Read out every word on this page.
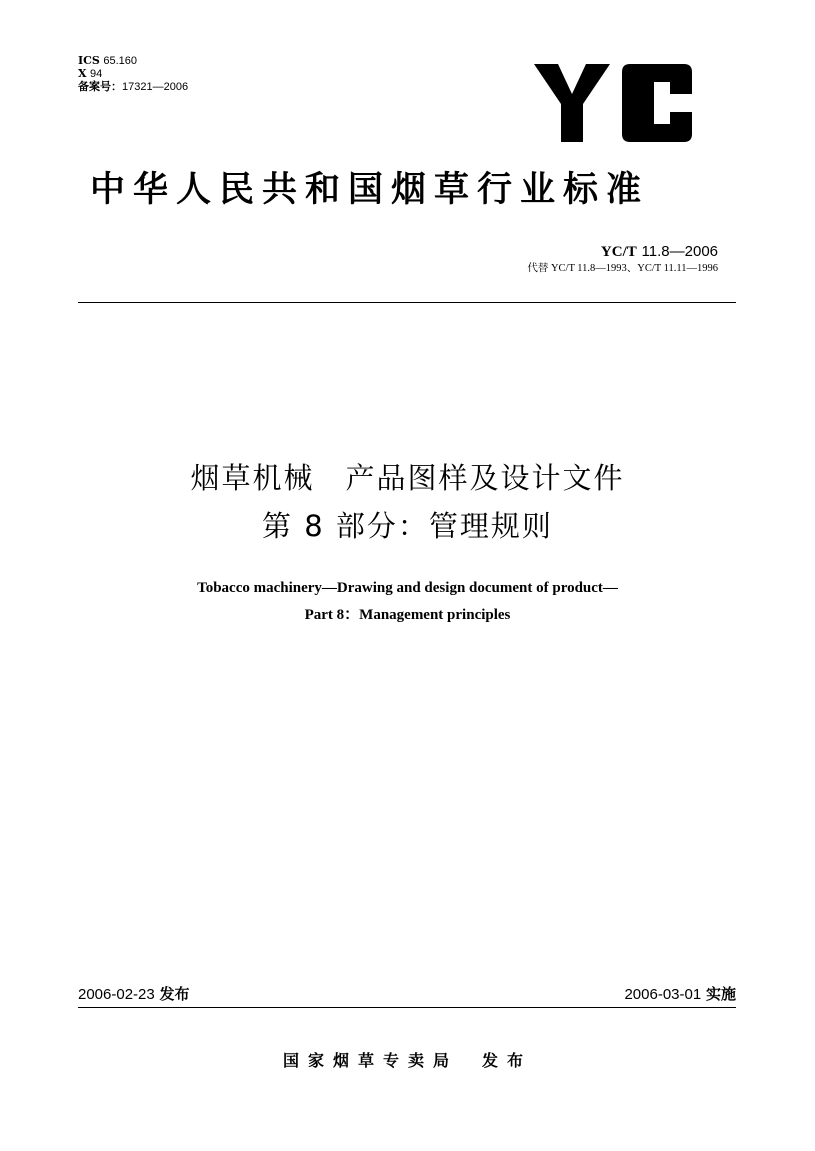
ICS 65.160
X 94
备案号：17321—2006
中华人民共和国烟草行业标准
YC/T 11.8—2006
代替 YC/T 11.8—1993、YC/T 11.11—1996
烟草机械　产品图样及设计文件
第 8 部分：管理规则
Tobacco machinery—Drawing and design document of product—
Part 8：Management principles
2006-02-23 发布	2006-03-01 实施
国家烟草专卖局 发布
